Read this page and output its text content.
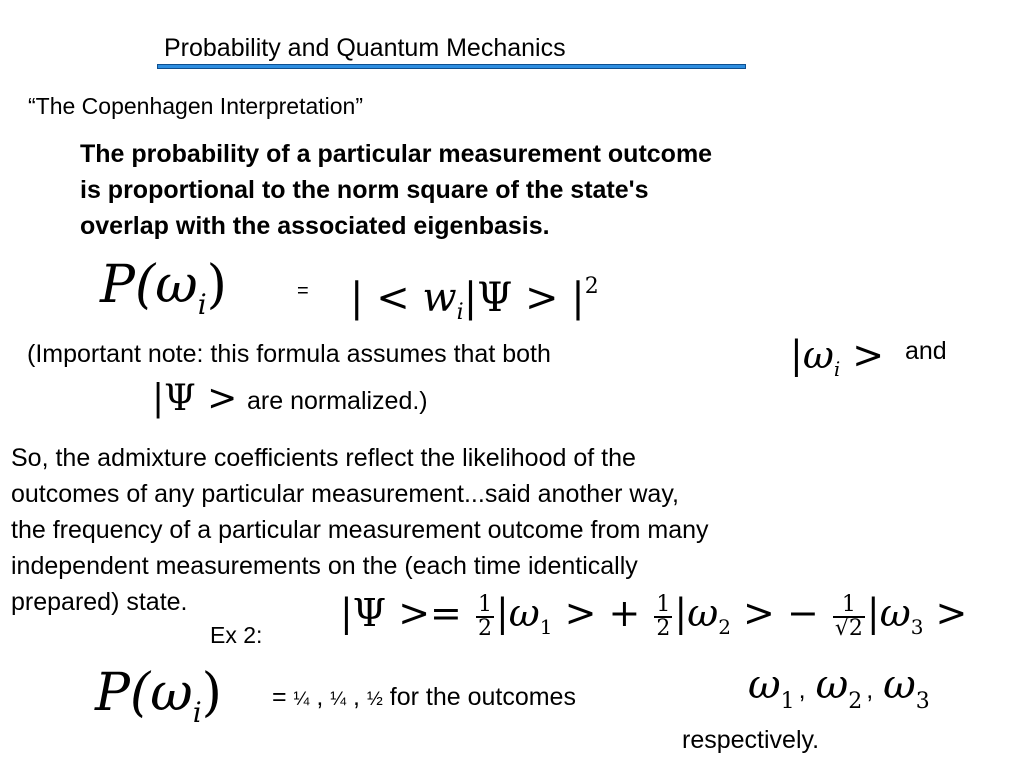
Probability and Quantum Mechanics
“The Copenhagen Interpretation”
The probability of a particular measurement outcome
is proportional to the norm square of the state's
overlap with the associated eigenbasis.
$P(\omega_i)$	= | < $w_i|\Psi > |^2$
(Important note: this formula assumes that both	$|\omega_i$ > and
|Ψ > are normalized.)
So, the admixture coefficients reflect the likelihood of the
outcomes of any particular measurement...said another way,
the frequency of a particular measurement outcome from many
independent measurements on the (each time identically
prepared) state.
Ex 2: $|\Psi >= \frac{1}{2} |\omega_1$ > + $\frac{1}{2} |\omega_2$ > − $\frac{1}{√2} |\omega_3$ >
$P(\omega_i)$ = ¼ , ¼ , ½ for the outcomes	$\omega_1$ , $\omega_2$ , $\omega_3$
respectively.
